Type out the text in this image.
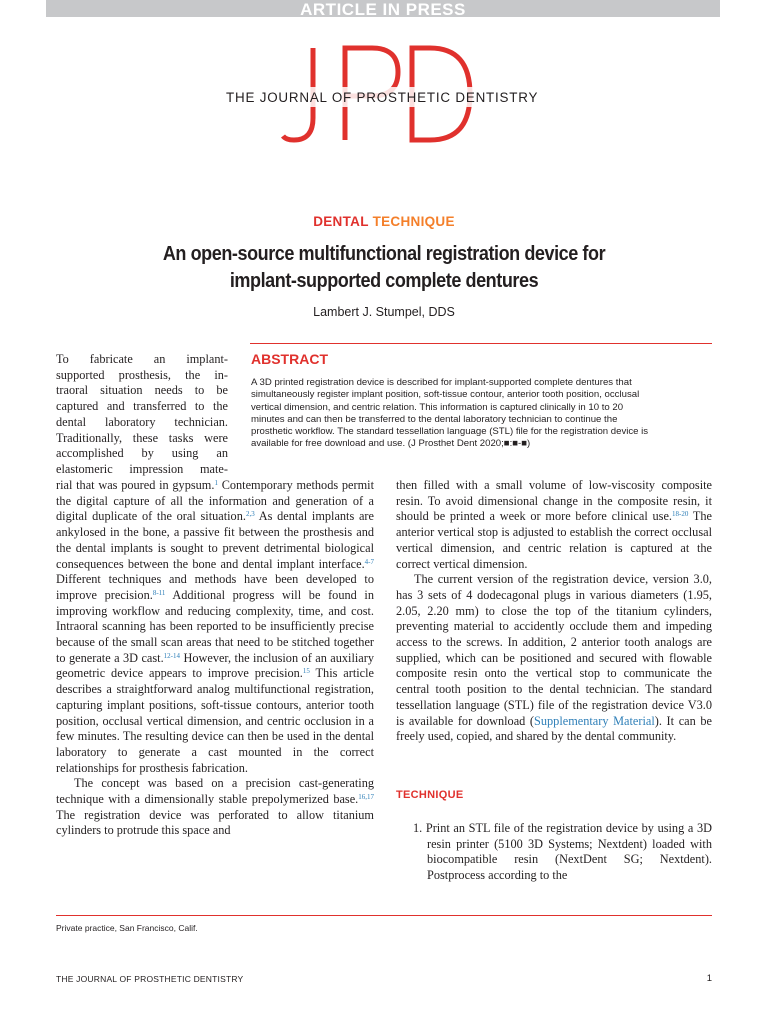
ARTICLE IN PRESS
THE JOURNAL OF PROSTHETIC DENTISTRY
DENTAL TECHNIQUE
An open-source multifunctional registration device for
implant-supported complete dentures
Lambert J. Stumpel, DDS
ABSTRACT
A 3D printed registration device is described for implant-supported complete dentures that
simultaneously register implant position, soft-tissue contour, anterior tooth position, occlusal
vertical dimension, and centric relation. This information is captured clinically in 10 to 20
minutes and can then be transferred to the dental laboratory technician to continue the
prosthetic workflow. The standard tessellation language (STL) file for the registration device is
available for free download and use. (J Prosthet Dent 2020;■:■-■)
To fabricate an implant-
supported prosthesis, the in-
traoral situation needs to be
captured and transferred to the
dental laboratory technician.
Traditionally, these tasks were
accomplished by using an
elastomeric impression mate-
rial that was poured in gypsum.$^1$ Contemporary methods permit the digital capture of all the information and generation of a digital duplicate of the oral situation.$^{2,3}$ As dental implants are ankylosed in the bone, a passive fit between the prosthesis and the dental implants is sought to prevent detrimental biological consequences between the bone and dental implant interface.$^{4-7}$ Different techniques and methods have been developed to improve precision.$^{8-11}$ Additional progress will be found in improving workflow and reducing complexity, time, and cost. Intraoral scanning has been reported to be insufficiently precise because of the small scan areas that need to be stitched together to generate a 3D cast.$^{12-14}$ However, the inclusion of an auxiliary geometric device appears to improve precision.$^{15}$ This article describes a straightforward analog multifunctional registration, capturing implant positions, soft-tissue contours, anterior tooth position, occlusal vertical dimension, and centric occlusion in a few minutes. The resulting device can then be used in the dental laboratory to generate a cast mounted in the correct relationships for prosthesis fabrication.
The concept was based on a precision cast-generating technique with a dimensionally stable prepolymerized base.$^{16,17}$ The registration device was perforated to allow titanium cylinders to protrude this space and
then filled with a small volume of low-viscosity composite resin. To avoid dimensional change in the composite resin, it should be printed a week or more before clinical use.$^{18-20}$ The anterior vertical stop is adjusted to establish the correct occlusal vertical dimension, and centric relation is captured at the correct vertical dimension.
The current version of the registration device, version 3.0, has 3 sets of 4 dodecagonal plugs in various diameters (1.95, 2.05, 2.20 mm) to close the top of the titanium cylinders, preventing material to accidently occlude them and impeding access to the screws. In addition, 2 anterior tooth analogs are supplied, which can be positioned and secured with flowable composite resin onto the vertical stop to communicate the central tooth position to the dental technician. The standard tessellation language (STL) file of the registration device V3.0 is available for download (Supplementary Material). It can be freely used, copied, and shared by the dental community.
TECHNIQUE
1. Print an STL file of the registration device by using a 3D resin printer (5100 3D Systems; Nextdent) loaded with biocompatible resin (NextDent SG; Nextdent). Postprocess according to the
Private practice, San Francisco, Calif.
THE JOURNAL OF PROSTHETIC DENTISTRY	1
